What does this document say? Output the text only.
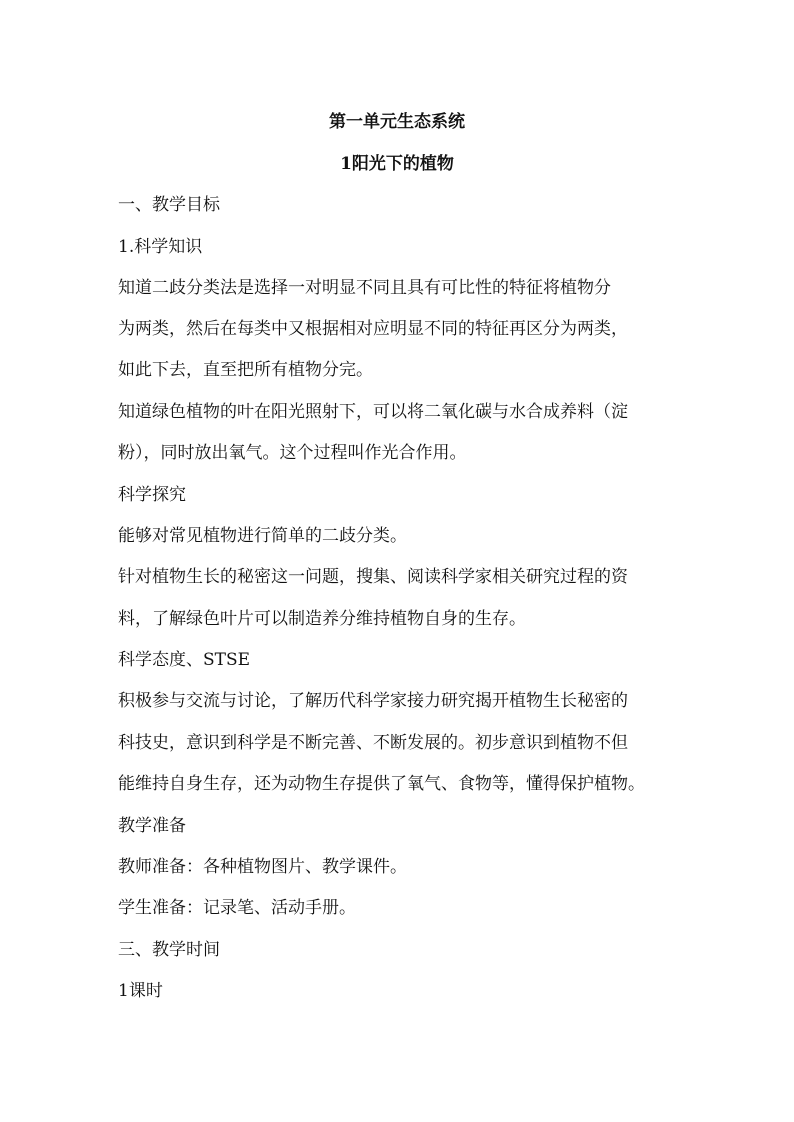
第一单元生态系统
1阳光下的植物
一、教学目标
1.科学知识
知道二歧分类法是选择一对明显不同且具有可比性的特征将植物分
为两类，然后在每类中又根据相对应明显不同的特征再区分为两类，
如此下去，直至把所有植物分完。
知道绿色植物的叶在阳光照射下，可以将二氧化碳与水合成养料（淀
粉），同时放出氧气。这个过程叫作光合作用。
科学探究
能够对常见植物进行简单的二歧分类。
针对植物生长的秘密这一问题，搜集、阅读科学家相关研究过程的资
料，了解绿色叶片可以制造养分维持植物自身的生存。
科学态度、STSE
积极参与交流与讨论，了解历代科学家接力研究揭开植物生长秘密的
科技史，意识到科学是不断完善、不断发展的。初步意识到植物不但
能维持自身生存，还为动物生存提供了氧气、食物等，懂得保护植物。
教学准备
教师准备：各种植物图片、教学课件。
学生准备：记录笔、活动手册。
三、教学时间
1课时
